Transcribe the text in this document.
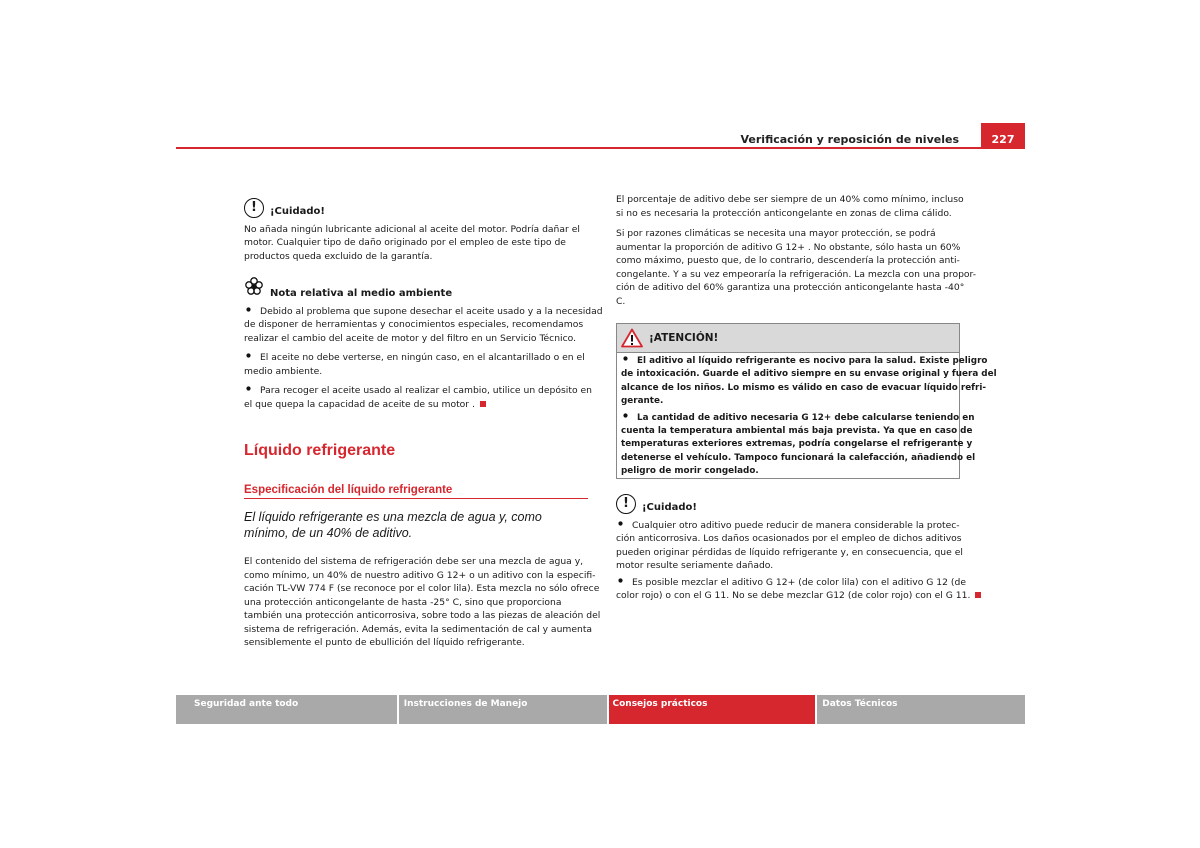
Verificación y reposición de niveles	227
!	¡Cuidado!
No añada ningún lubricante adicional al aceite del motor. Podría dañar el
motor. Cualquier tipo de daño originado por el empleo de este tipo de
productos queda excluido de la garantía.
Nota relativa al medio ambiente
Debido al problema que supone desechar el aceite usado y a la necesidad
de disponer de herramientas y conocimientos especiales, recomendamos
realizar el cambio del aceite de motor y del filtro en un Servicio Técnico.
El aceite no debe verterse, en ningún caso, en el alcantarillado o en el
medio ambiente.
Para recoger el aceite usado al realizar el cambio, utilice un depósito en
el que quepa la capacidad de aceite de su motor .
Líquido refrigerante
Especificación del líquido refrigerante
El líquido refrigerante es una mezcla de agua y, como
mínimo, de un 40% de aditivo.
El contenido del sistema de refrigeración debe ser una mezcla de agua y,
como mínimo, un 40% de nuestro aditivo G 12+ o un aditivo con la especifi-
cación TL-VW 774 F (se reconoce por el color lila). Esta mezcla no sólo ofrece
una protección anticongelante de hasta -25° C, sino que proporciona
también una protección anticorrosiva, sobre todo a las piezas de aleación del
sistema de refrigeración. Además, evita la sedimentación de cal y aumenta
sensiblemente el punto de ebullición del líquido refrigerante.
El porcentaje de aditivo debe ser siempre de un 40% como mínimo, incluso
si no es necesaria la protección anticongelante en zonas de clima cálido.
Si por razones climáticas se necesita una mayor protección, se podrá
aumentar la proporción de aditivo G 12+ . No obstante, sólo hasta un 60%
como máximo, puesto que, de lo contrario, descendería la protección anti-
congelante. Y a su vez empeoraría la refrigeración. La mezcla con una propor-
ción de aditivo del 60% garantiza una protección anticongelante hasta -40°
C.
¡ATENCIÓN!
El aditivo al líquido refrigerante es nocivo para la salud. Existe peligro
de intoxicación. Guarde el aditivo siempre en su envase original y fuera del
alcance de los niños. Lo mismo es válido en caso de evacuar líquido refri-
gerante.
La cantidad de aditivo necesaria G 12+ debe calcularse teniendo en
cuenta la temperatura ambiental más baja prevista. Ya que en caso de
temperaturas exteriores extremas, podría congelarse el refrigerante y
detenerse el vehículo. Tampoco funcionará la calefacción, añadiendo el
peligro de morir congelado.
!	¡Cuidado!
Cualquier otro aditivo puede reducir de manera considerable la protec-
ción anticorrosiva. Los daños ocasionados por el empleo de dichos aditivos
pueden originar pérdidas de líquido refrigerante y, en consecuencia, que el
motor resulte seriamente dañado.
Es posible mezclar el aditivo G 12+ (de color lila) con el aditivo G 12 (de
color rojo) o con el G 11. No se debe mezclar G12 (de color rojo) con el G 11.
Seguridad ante todo	Instrucciones de Manejo	Consejos prácticos	Datos Técnicos
